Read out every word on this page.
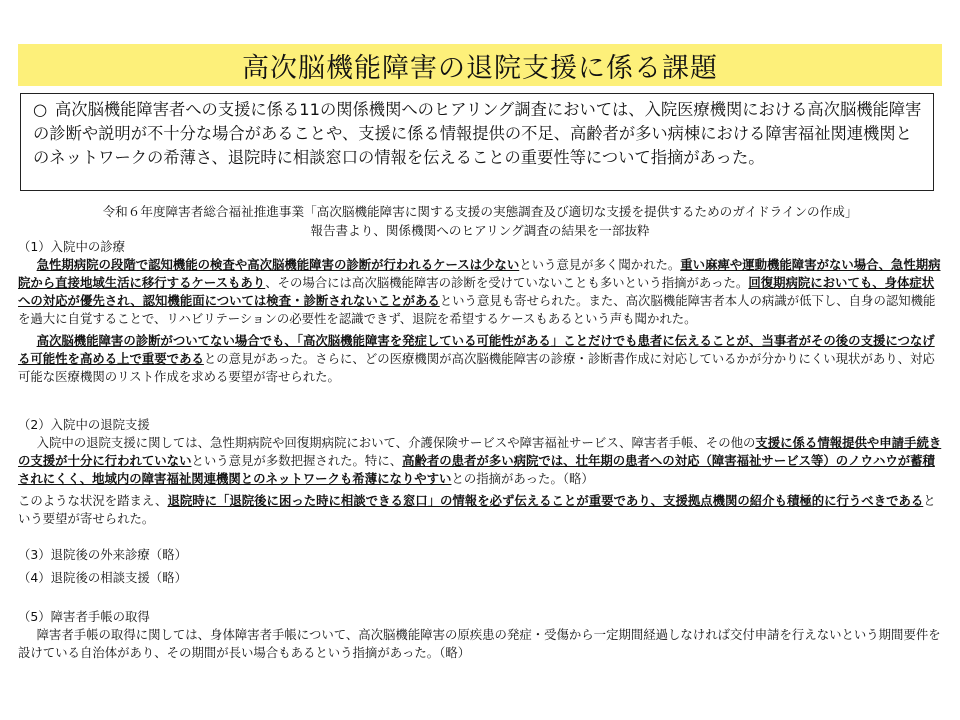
高次脳機能障害の退院支援に係る課題
○ 高次脳機能障害者への支援に係る11の関係機関へのヒアリング調査においては、入院医療機関における高次脳機能障害の診断や説明が不十分な場合があることや、支援に係る情報提供の不足、高齢者が多い病棟における障害福祉関連機関とのネットワークの希薄さ、退院時に相談窓口の情報を伝えることの重要性等について指摘があった。
令和６年度障害者総合福祉推進事業「高次脳機能障害に関する支援の実態調査及び適切な支援を提供するためのガイドラインの作成」
報告書より、関係機関へのヒアリング調査の結果を一部抜粋
（1）入院中の診療

急性期病院の段階で認知機能の検査や高次脳機能障害の診断が行われるケースは少ないという意見が多く聞かれた。重い麻痺や運動機能障害がない場合、急性期病院から直接地域生活に移行するケースもあり、その場合には高次脳機能障害の診断を受けていないことも多いという指摘があった。回復期病院においても、身体症状への対応が優先され、認知機能面については検査・診断されないことがあるという意見も寄せられた。また、高次脳機能障害者本人の病識が低下し、自身の認知機能を過大に自覚することで、リハビリテーションの必要性を認識できず、退院を希望するケースもあるという声も聞かれた。

高次脳機能障害の診断がついてない場合でも、「高次脳機能障害を発症している可能性がある」ことだけでも患者に伝えることが、当事者がその後の支援につなげる可能性を高める上で重要であるとの意見があった。さらに、どの医療機関が高次脳機能障害の診療・診断書作成に対応しているかが分かりにくい現状があり、対応可能な医療機関のリスト作成を求める要望が寄せられた。

（2）入院中の退院支援

入院中の退院支援に関しては、急性期病院や回復期病院において、介護保険サービスや障害福祉サービス、障害者手帳、その他の支援に係る情報提供や申請手続きの支援が十分に行われていないという意見が多数把握された。特に、高齢者の患者が多い病院では、壮年期の患者への対応（障害福祉サービス等）のノウハウが蓄積されにくく、地域内の障害福祉関連機関とのネットワークも希薄になりやすいとの指摘があった。（略）

このような状況を踏まえ、退院時に「退院後に困った時に相談できる窓口」の情報を必ず伝えることが重要であり、支援拠点機関の紹介も積極的に行うべきであるという要望が寄せられた。

（3）退院後の外来診療（略）
（4）退院後の相談支援（略）
（5）障害者手帳の取得

障害者手帳の取得に関しては、身体障害者手帳について、高次脳機能障害の原疾患の発症・受傷から一定期間経過しなければ交付申請を行えないという期間要件を設けている自治体があり、その期間が長い場合もあるという指摘があった。（略）
